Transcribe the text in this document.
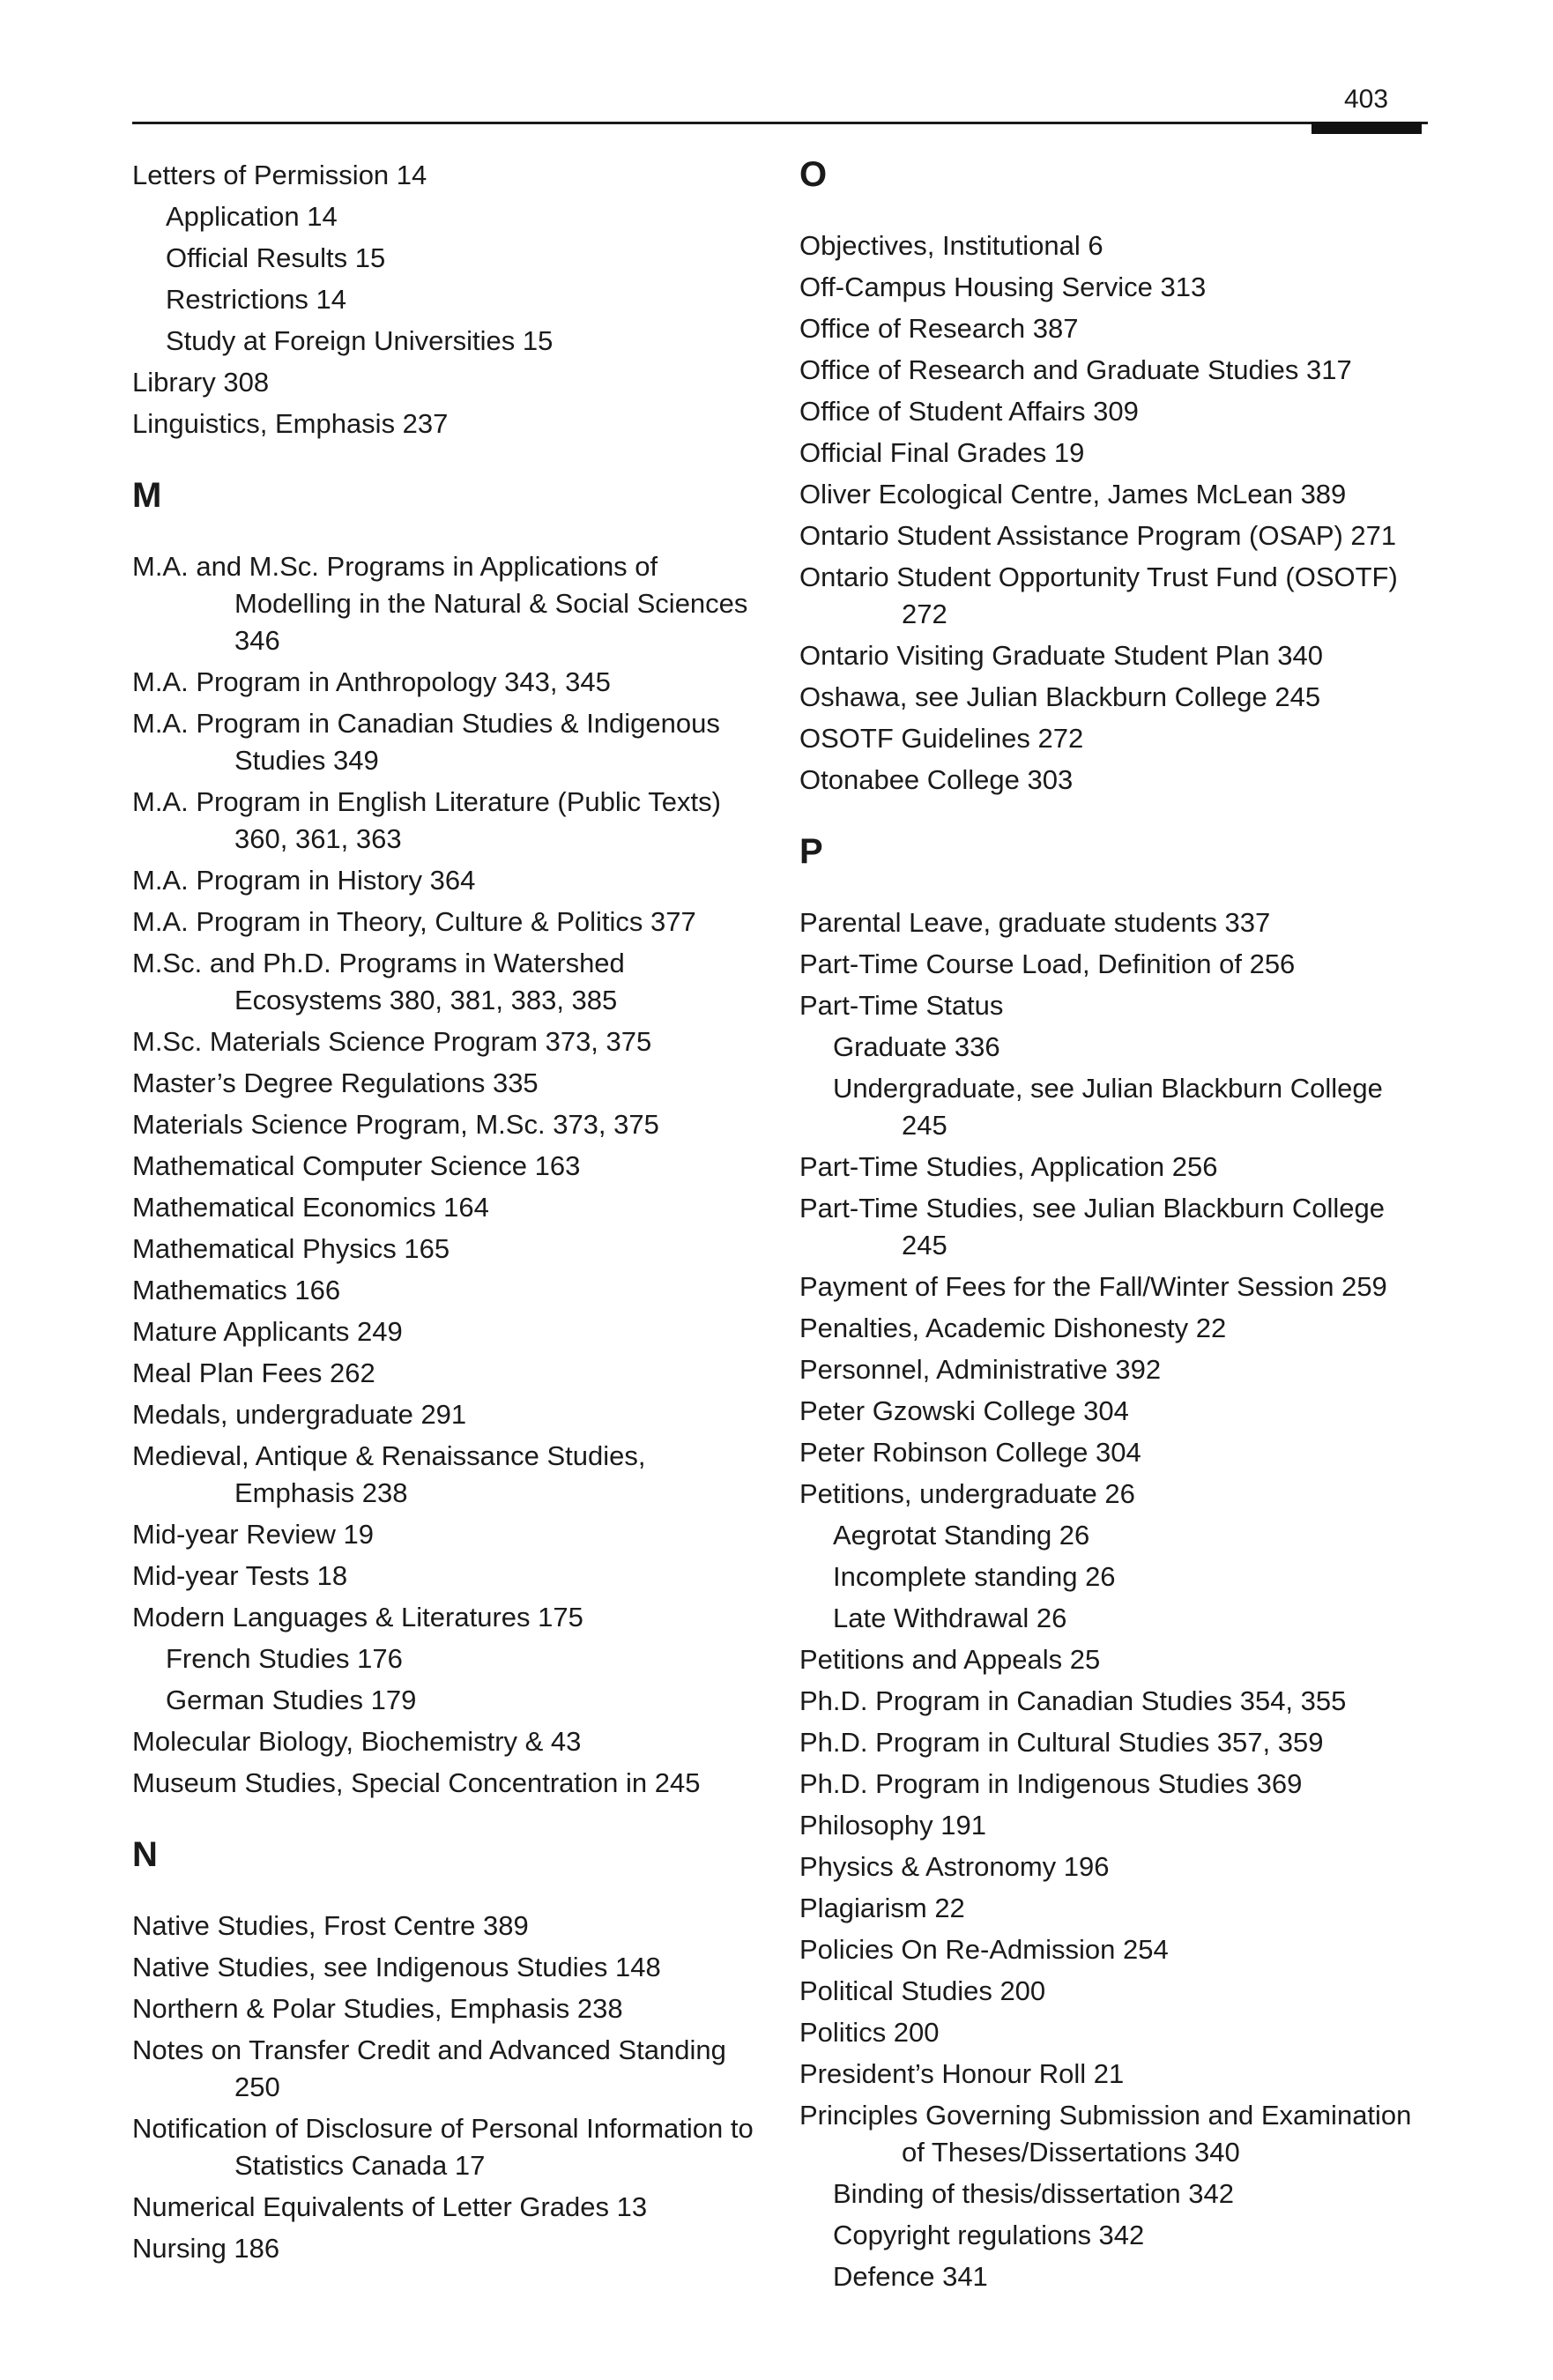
403
Letters of Permission 14
Application 14
Official Results 15
Restrictions 14
Study at Foreign Universities 15
Library 308
Linguistics, Emphasis 237
M
M.A. and M.Sc. Programs in Applications of Modelling in the Natural & Social Sciences 346
M.A. Program in Anthropology 343, 345
M.A. Program in Canadian Studies & Indigenous Studies 349
M.A. Program in English Literature (Public Texts) 360, 361, 363
M.A. Program in History 364
M.A. Program in Theory, Culture & Politics 377
M.Sc. and Ph.D. Programs in Watershed Ecosystems 380, 381, 383, 385
M.Sc. Materials Science Program 373, 375
Master’s Degree Regulations 335
Materials Science Program, M.Sc. 373, 375
Mathematical Computer Science 163
Mathematical Economics 164
Mathematical Physics 165
Mathematics 166
Mature Applicants 249
Meal Plan Fees 262
Medals, undergraduate 291
Medieval, Antique & Renaissance Studies, Emphasis 238
Mid-year Review 19
Mid-year Tests 18
Modern Languages & Literatures 175
French Studies 176
German Studies 179
Molecular Biology, Biochemistry & 43
Museum Studies, Special Concentration in 245
N
Native Studies, Frost Centre 389
Native Studies, see Indigenous Studies 148
Northern & Polar Studies, Emphasis 238
Notes on Transfer Credit and Advanced Standing 250
Notification of Disclosure of Personal Information to Statistics Canada 17
Numerical Equivalents of Letter Grades 13
Nursing 186
O
Objectives, Institutional 6
Off-Campus Housing Service 313
Office of Research 387
Office of Research and Graduate Studies 317
Office of Student Affairs 309
Official Final Grades 19
Oliver Ecological Centre, James McLean 389
Ontario Student Assistance Program (OSAP) 271
Ontario Student Opportunity Trust Fund (OSOTF) 272
Ontario Visiting Graduate Student Plan 340
Oshawa, see Julian Blackburn College 245
OSOTF Guidelines 272
Otonabee College 303
P
Parental Leave, graduate students 337
Part-Time Course Load, Definition of 256
Part-Time Status
Graduate 336
Undergraduate, see Julian Blackburn College 245
Part-Time Studies, Application 256
Part-Time Studies, see Julian Blackburn College 245
Payment of Fees for the Fall/Winter Session 259
Penalties, Academic Dishonesty 22
Personnel, Administrative 392
Peter Gzowski College 304
Peter Robinson College 304
Petitions, undergraduate 26
Aegrotat Standing 26
Incomplete standing 26
Late Withdrawal 26
Petitions and Appeals 25
Ph.D. Program in Canadian Studies 354, 355
Ph.D. Program in Cultural Studies 357, 359
Ph.D. Program in Indigenous Studies 369
Philosophy 191
Physics & Astronomy 196
Plagiarism 22
Policies On Re-Admission 254
Political Studies 200
Politics 200
President’s Honour Roll 21
Principles Governing Submission and Examination of Theses/Dissertations 340
Binding of thesis/dissertation 342
Copyright regulations 342
Defence 341
